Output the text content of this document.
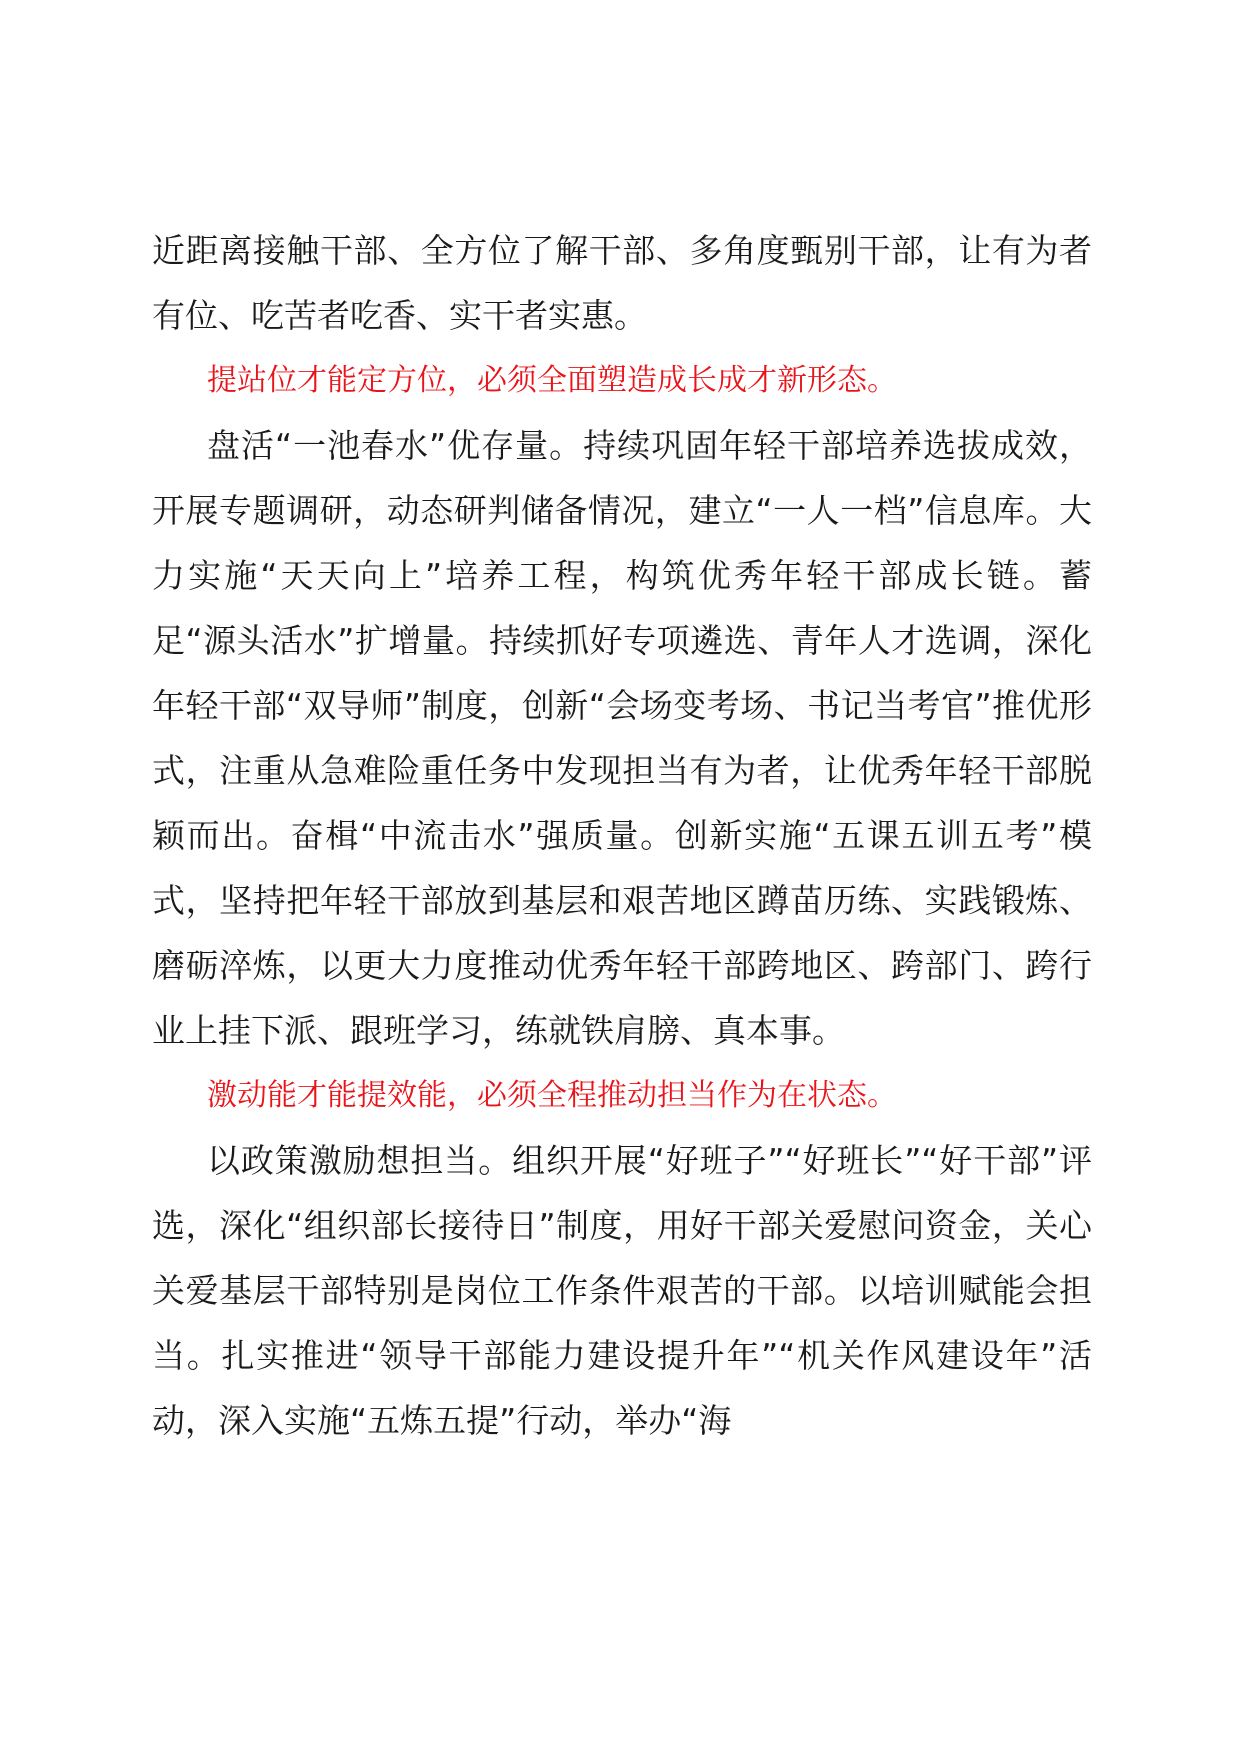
近距离接触干部、全方位了解干部、多角度甄别干部，让有为者有位、吃苦者吃香、实干者实惠。

提站位才能定方位，必须全面塑造成长成才新形态。

盘活“一池春水”优存量。持续巩固年轻干部培养选拔成效，开展专题调研，动态研判储备情况，建立“一人一档”信息库。大力实施“天天向上”培养工程，构筑优秀年轻干部成长链。蓄足“源头活水”扩增量。持续抓好专项遴选、青年人才选调，深化年轻干部“双导师”制度，创新“会场变考场、书记当考官”推优形式，注重从急难险重任务中发现担当有为者，让优秀年轻干部脱颖而出。奋楫“中流击水”强质量。创新实施“五课五训五考”模式，坚持把年轻干部放到基层和艰苦地区蹲苗历练、实践锻炼、磨砺淬炼，以更大力度推动优秀年轻干部跨地区、跨部门、跨行业上挂下派、跟班学习，练就铁肩膀、真本事。

激动能才能提效能，必须全程推动担当作为在状态。

以政策激励想担当。组织开展“好班子”“好班长”“好干部”评选，深化“组织部长接待日”制度，用好干部关爱慰问资金，关心关爱基层干部特别是岗位工作条件艰苦的干部。以培训赋能会担当。扎实推进“领导干部能力建设提升年”“机关作风建设年”活动，深入实施“五炼五提”行动，举办“海
